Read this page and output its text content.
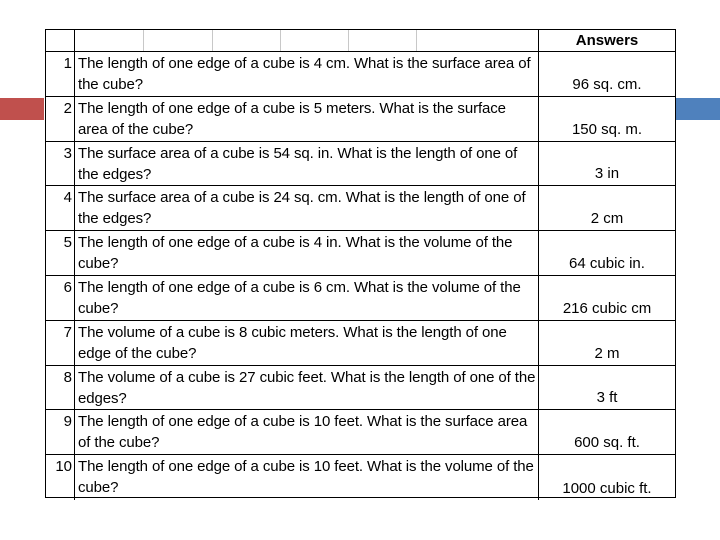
Answers
1 The length of one edge of a cube is 4 cm. What is the surface area of the cube?	96 sq. cm.
2 The length of one edge of a cube is 5 meters. What is the surface area of the cube?	150 sq. m.
3 The surface area of a cube is 54 sq. in. What is the length of one of the edges?	3 in
4 The surface area of a cube is 24 sq. cm. What is the length of one of the edges?	2 cm
5 The length of one edge of a cube is 4 in. What is the volume of the cube?	64 cubic in.
6 The length of one edge of a cube is 6 cm. What is the volume of the cube?	216 cubic cm
7 The volume of a cube is 8 cubic meters. What is the length of one edge of the cube?	2 m
8 The volume of a cube is 27 cubic feet. What is the length of one of the edges?	3 ft
9 The length of one edge of a cube is 10 feet. What is the surface area of the cube?	600 sq. ft.
10 The length of one edge of a cube is 10 feet. What is the volume of the cube?	1000 cubic ft.
